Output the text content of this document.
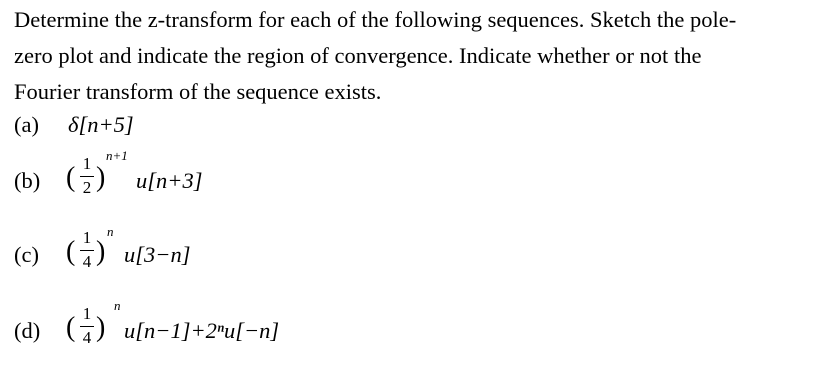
Determine the z-transform for each of the following sequences. Sketch the pole-
zero plot and indicate the region of convergence. Indicate whether or not the
Fourier transform of the sequence exists.
(a) δ[n+5]
(b) ( 1
2 )
n+1
u[n+3]
(c) ( 1
4 )
n
u[3−n]
(d) ( 1
4 )
n
u[n−1]+2ⁿu[−n]
